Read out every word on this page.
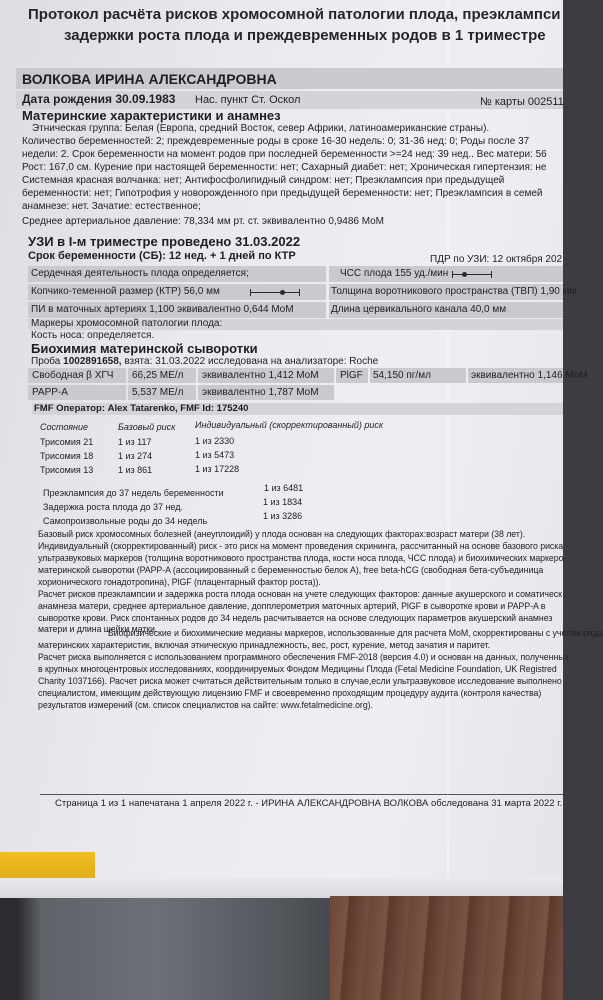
Протокол расчёта рисков хромосомной патологии плода, преэклампси
задержки роста плода и преждевременных родов в 1 триместре
ВОЛКОВА ИРИНА АЛЕКСАНДРОВНА
Дата рождения 30.09.1983 Нас. пункт Ст. Оскол	№ карты 002511
Материнские характеристики и анамнез
Этническая группа: Белая (Европа, средний Восток, север Африки, латиноамериканские страны).
Количество беременностей: 2; преждевременные роды в сроке 16-30 недель: 0; 31-36 нед: 0; Роды после 37
недели: 2. Срок беременности на момент родов при последней беременности >=24 нед: 39 нед.. Вес матери: 56
Рост: 167,0 см. Курение при настоящей беременности: нет; Сахарный диабет: нет; Хроническая гипертензия: не
Системная красная волчанка: нет; Антифосфолипидный синдром: нет; Преэклампсия при предыдущей
беременности: нет; Гипотрофия у новорожденного при предыдущей беременности: нет; Преэклампсия в семей
анамнезе: нет. Зачатие: естественное;
Среднее артериальное давление: 78,334 мм рт. ст. эквивалентно 0,9486 MoM
УЗИ в I-м триместре проведено 31.03.2022
Срок беременности (СБ): 12 нед. + 1 дней по КТР	ПДР по УЗИ: 12 октября 202
Сердечная деятельность плода определяется;	ЧСС плода 155 уд./мин
Копчико-теменной размер (КТР) 56,0 мм	Толщина воротникового пространства (ТВП) 1,90 мм
ПИ в маточных артериях 1,100 эквивалентно 0,644 MoM	Длина цервикального канала 40,0 мм
Маркеры хромосомной патологии плода:
Кость носа: определяется.
Биохимия материнской сыворотки
Проба 1002891658, взята: 31.03.2022 исследована на анализаторе: Roche
Свободная β ХГЧ 66,25 МЕ/л эквивалентно 1,412 MoM PlGF 54,150 пг/мл	эквивалентно 1,146 MoM
PAPP-A	5,537 МЕ/л эквивалентно 1,787 MoM
FMF Оператор: Alex Tatarenko, FMF Id: 175240
Состояние	Базовый риск Индивидуальный (скорректированный) риск
Трисомия 21	1 из 117	1 из 2330
Трисомия 18	1 из 274	1 из 5473
Трисомия 13	1 из 861	1 из 17228
Преэклампсия до 37 недель беременности	1 из 6481
Задержка роста плода до 37 нед.	1 из 1834
Самопроизвольные роды до 34 недель	1 из 3286
Базовый риск хромосомных болезней (анеуплоидий) у плода основан на следующих факторах:возраст матери (38 лет).
Индивидуальный (скорректированный) риск - это риск на момент проведения скрининга, рассчитанный на основе базового риска
ультразвуковых маркеров (толщина воротникового пространства плода, кости носа плода, ЧСС плода) и биохимических маркеро
материнской сыворотки (PAPP-A (ассоциированный с беременностью белок А), free beta-hCG (свободная бета-субъединица
хорионического гонадотропина), PlGF (плацентарный фактор роста)).
Расчет рисков преэклампсии и задержка роста плода основан на учете следующих факторов: данные акушерского и соматическ
анамнеза матери, среднее артериальное давление, допплерометрия маточных артерий, PlGF в сыворотке крови и PAPP-A в
сыворотке крови. Риск спонтанных родов до 34 недель расчитывается на основе следующих параметров акушерский анамнез
матери и длина шейки матки.
Биофизические и биохимические медианы маркеров, использованные для расчета MoM, скорректированы с учетом ряда
материнских характеристик, включая этническую принадлежность, вес, рост, курение, метод зачатия и паритет.
Расчет риска выполняется с использованием программного обеспечения FMF-2018 (версия 4.0) и основан на данных, полученных
в крупных многоцентровых исследованиях, координируемых Фондом Медицины Плода (Fetal Medicine Foundation, UK Registred
Charity 1037166). Расчет риска может считаться действительным только в случае,если ультразвуковое исследование выполнено
специалистом, имеющим действующую лицензию FMF и своевременно проходящим процедуру аудита (контроля качества)
результатов измерений (см. список специалистов на сайте: www.fetalmedicine.org).
Страница 1 из 1 напечатана 1 апреля 2022 г. - ИРИНА АЛЕКСАНДРОВНА ВОЛКОВА обследована 31 марта 2022 г.
